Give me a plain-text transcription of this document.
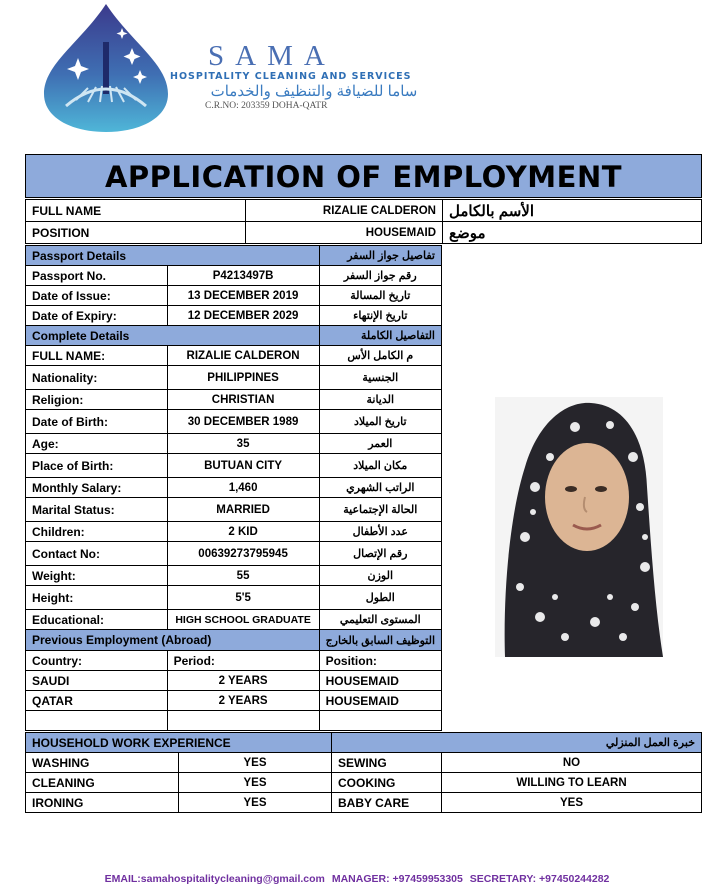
SAMA
HOSPITALITY CLEANING AND SERVICES
ساما للضيافة والتنظيف والخدمات
C.R.NO: 203359 DOHA-QATR
APPLICATION OF EMPLOYMENT
FULL NAME	RIZALIE CALDERON	الأسم بالكامل
POSITION	HOUSEMAID	موضع
Passport Details		تفاصيل جواز السفر
Passport No.	P4213497B	رقم جواز السفر
Date of Issue:	13 DECEMBER 2019	تاريخ المسالة
Date of Expiry:	12 DECEMBER 2029	تاريخ الإنتهاء
Complete Details		التفاصيل الكاملة
FULL NAME:	RIZALIE CALDERON	م الكامل الأس
Nationality:	PHILIPPINES	الجنسية
Religion:	CHRISTIAN	الديانة
Date of Birth:	30 DECEMBER 1989	تاريخ الميلاد
Age:	35	العمر
Place of Birth:	BUTUAN CITY	مكان الميلاد
Monthly Salary:	1,460	الراتب الشهري
Marital Status:	MARRIED	الحالة الإجتماعية
Children:	2 KID	عدد الأطفال
Contact No:	00639273795945	رقم الإتصال
Weight:	55	الوزن
Height:	5'5	الطول
Educational:	HIGH SCHOOL GRADUATE	المستوى التعليمي
Previous Employment (Abroad)		التوظيف السابق بالخارج
Country:	Period:	Position:
SAUDI	2 YEARS	HOUSEMAID
QATAR	2 YEARS	HOUSEMAID

HOUSEHOLD WORK EXPERIENCE		خبرة العمل المنزلي	
WASHING	YES	SEWING	NO
CLEANING	YES	COOKING	WILLING TO LEARN
IRONING	YES	BABY CARE	YES
EMAIL:samahospitalitycleaning@gmail.com MANAGER: +97459953305 SECRETARY: +97450244282
